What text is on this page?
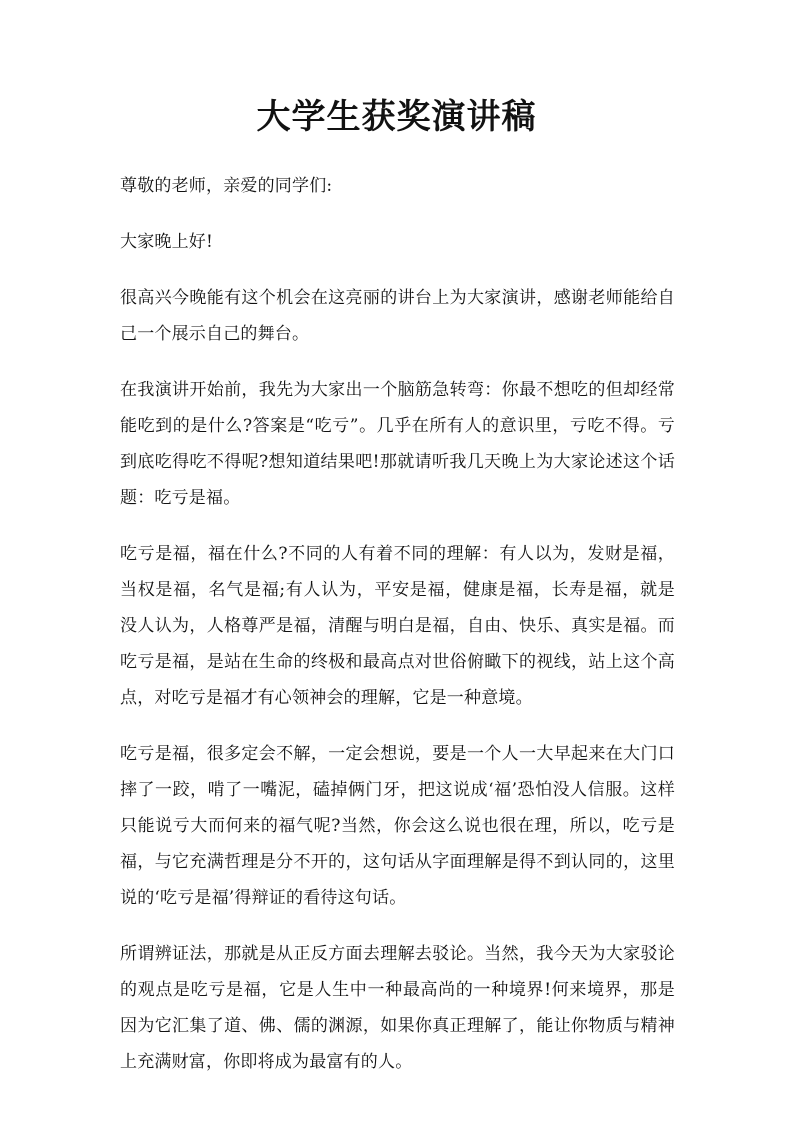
大学生获奖演讲稿

尊敬的老师，亲爱的同学们:

大家晚上好!

很高兴今晚能有这个机会在这亮丽的讲台上为大家演讲，感谢老师能给自己一个展示自己的舞台。

在我演讲开始前，我先为大家出一个脑筋急转弯：你最不想吃的但却经常能吃到的是什么?答案是“吃亏”。几乎在所有人的意识里，亏吃不得。亏到底吃得吃不得呢?想知道结果吧!那就请听我几天晚上为大家论述这个话题：吃亏是福。

吃亏是福，福在什么?不同的人有着不同的理解：有人以为，发财是福，当权是福，名气是福;有人认为，平安是福，健康是福，长寿是福，就是没人认为，人格尊严是福，清醒与明白是福，自由、快乐、真实是福。而吃亏是福，是站在生命的终极和最高点对世俗俯瞰下的视线，站上这个高点，对吃亏是福才有心领神会的理解，它是一种意境。

吃亏是福，很多定会不解，一定会想说，要是一个人一大早起来在大门口摔了一跤，啃了一嘴泥，磕掉俩门牙，把这说成‘福’恐怕没人信服。这样只能说亏大而何来的福气呢?当然，你会这么说也很在理，所以，吃亏是福，与它充满哲理是分不开的，这句话从字面理解是得不到认同的，这里说的‘吃亏是福’得辩证的看待这句话。

所谓辨证法，那就是从正反方面去理解去驳论。当然，我今天为大家驳论的观点是吃亏是福，它是人生中一种最高尚的一种境界!何来境界，那是因为它汇集了道、佛、儒的渊源，如果你真正理解了，能让你物质与精神上充满财富，你即将成为最富有的人。
